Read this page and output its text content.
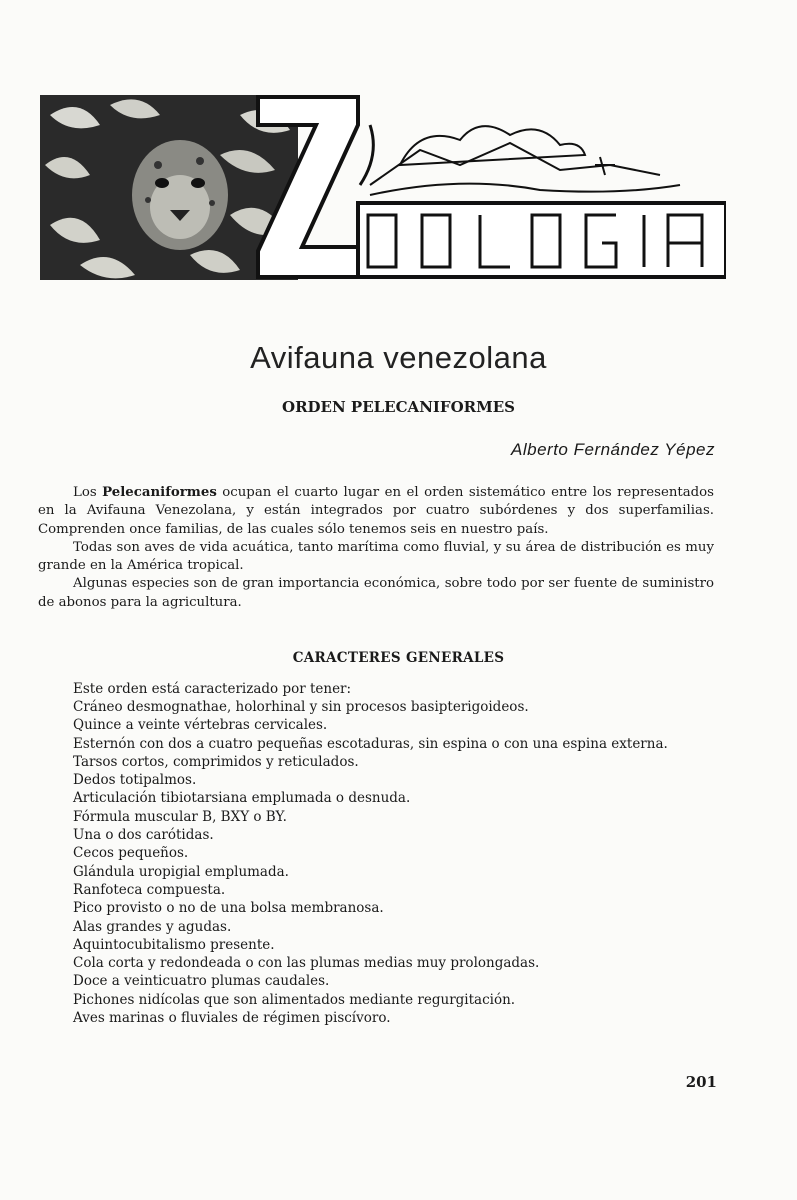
Avifauna venezolana
ORDEN PELECANIFORMES
Alberto Fernández Yépez

Los Pelecaniformes ocupan el cuarto lugar en el orden sistemático entre los representados en la Avifauna Venezolana, y están integrados por cuatro subórdenes y dos superfamilias. Comprenden once familias, de las cuales sólo tenemos seis en nuestro país.

Todas son aves de vida acuática, tanto marítima como fluvial, y su área de distribución es muy grande en la América tropical.

Algunas especies son de gran importancia económica, sobre todo por ser fuente de suministro de abonos para la agricultura.

CARACTERES GENERALES
Este orden está caracterizado por tener:
Cráneo desmognathae, holorhinal y sin procesos basipterigoideos.
Quince a veinte vértebras cervicales.
Esternón con dos a cuatro pequeñas escotaduras, sin espina o con una espina externa.
Tarsos cortos, comprimidos y reticulados.
Dedos totipalmos.
Articulación tibiotarsiana emplumada o desnuda.
Fórmula muscular B, BXY o BY.
Una o dos carótidas.
Cecos pequeños.
Glándula uropigial emplumada.
Ranfoteca compuesta.
Pico provisto o no de una bolsa membranosa.
Alas grandes y agudas.
Aquintocubitalismo presente.
Cola corta y redondeada o con las plumas medias muy prolongadas.
Doce a veinticuatro plumas caudales.
Pichones nidícolas que son alimentados mediante regurgitación.
Aves marinas o fluviales de régimen piscívoro.
201
